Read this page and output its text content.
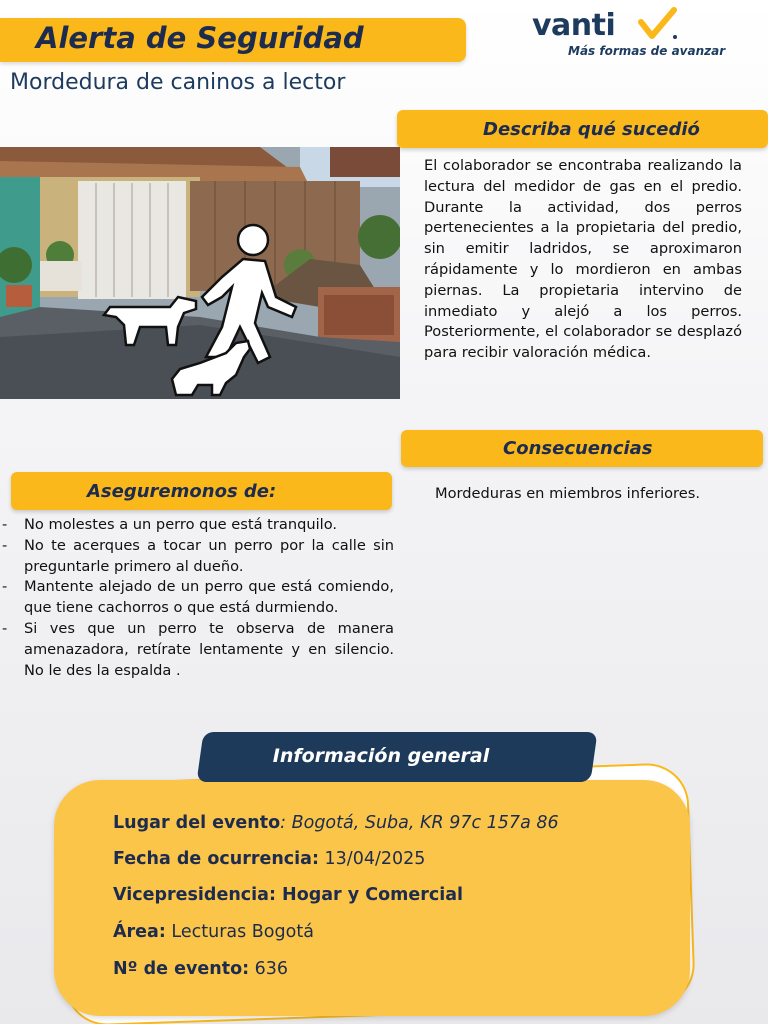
Alerta de Seguridad
Mordedura de caninos a lector
vanti
Más formas de avanzar
Describa qué sucedió
El colaborador se encontraba realizando la lectura del medidor de gas en el predio. Durante la actividad, dos perros pertenecientes a la propietaria del predio, sin emitir ladridos, se aproximaron rápidamente y lo mordieron en ambas piernas. La propietaria intervino de inmediato y alejó a los perros. Posteriormente, el colaborador se desplazó para recibir valoración médica.
Consecuencias
Mordeduras en miembros inferiores.
Aseguremonos de:
- No molestes a un perro que está tranquilo.
- No te acerques a tocar un perro por la calle sin preguntarle primero al dueño.
- Mantente alejado de un perro que está comiendo, que tiene cachorros o que está durmiendo.
- Si ves que un perro te observa de manera amenazadora, retírate lentamente y en silencio. No le des la espalda .
Información general
Lugar del evento: Bogotá, Suba, KR 97c 157a 86
Fecha de ocurrencia: 13/04/2025
Vicepresidencia: Hogar y Comercial
Área: Lecturas Bogotá
Nº de evento: 636
